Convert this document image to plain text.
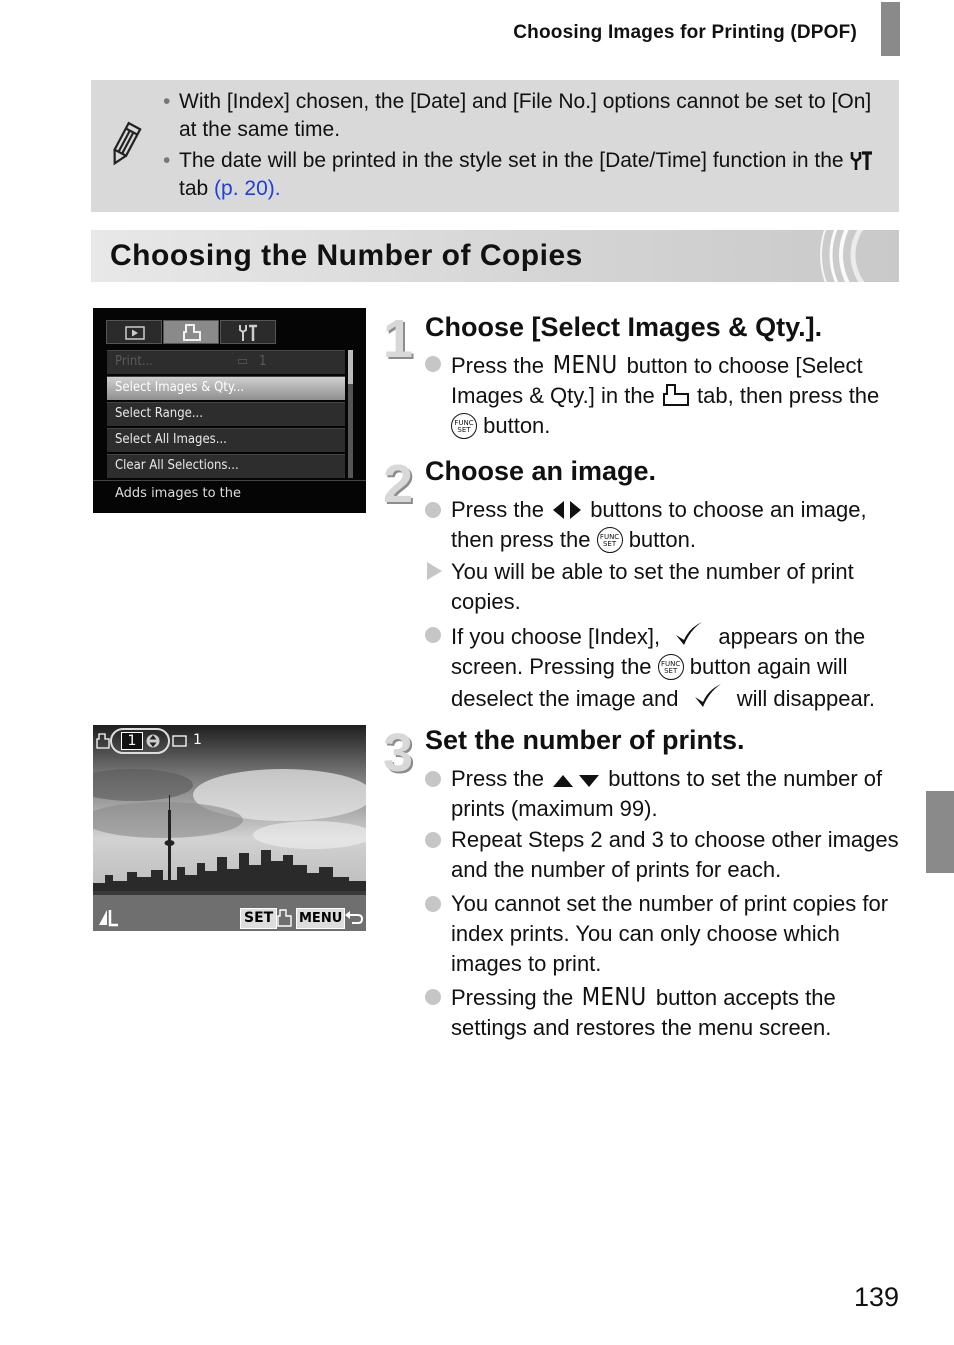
Choosing Images for Printing (DPOF)
• With [Index] chosen, the [Date] and [File No.] options cannot be set to [On] at the same time.
• The date will be printed in the style set in the [Date/Time] function in the  tab (p. 20).
Choosing the Number of Copies
Print...	▭ 1
Select Images & Qty...
Select Range...
Select All Images...
Clear All Selections...
Adds images to the
1	1
SET	MENU
1 Choose [Select Images & Qty.].
Press the MENU button to choose [Select Images & Qty.] in the tab, then press the
FUNC
SET button.
2 Choose an image.
Press the buttons to choose an image, then press the	FUNC
SET button.
You will be able to set the number of print copies.
If you choose [Index],	appears on the screen. Pressing the	FUNC
SET button again will deselect the image and	will disappear.
3 Set the number of prints.
Press the	buttons to set the number of prints (maximum 99).
Repeat Steps 2 and 3 to choose other images and the number of prints for each.
You cannot set the number of print copies for index prints. You can only choose which images to print.
Pressing the MENU button accepts the settings and restores the menu screen.
139
